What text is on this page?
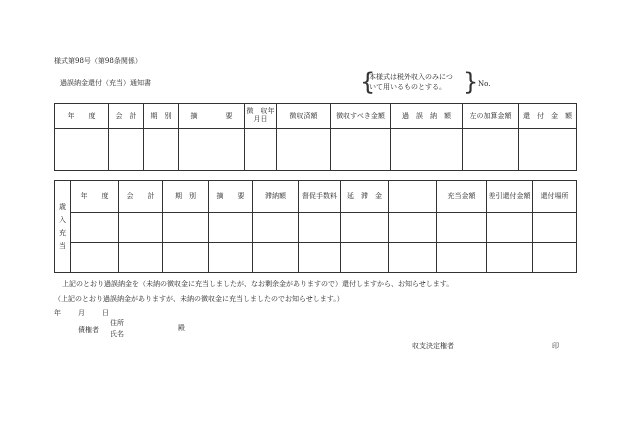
様式第98号（第98条関係）
過誤納金還付（充当）通知書	{
本様式は税外収入のみにつ
いて用いるものとする。 } No.
年　　度	会　計	期　別	摘　　　　要	徴　収年月日	徴収済額	徴収すべき金額	過　誤　納　額	左の加算金額	還　付　金　額

歳入充当	年　　度	会　　計	期　別	摘　　要	滞納額	督促手数料	延　滞　金		充当金額	差引還付金額	還付場所

上記のとおり過誤納金を（未納の徴収金に充当しましたが、なお剰余金がありますので）還付しますから、お知らせします。
（上記のとおり過誤納金がありますが、未納の徴収金に充当しましたのでお知らせします。）
年 月 日
債権者
住所
氏名
殿
収支決定権者	印
